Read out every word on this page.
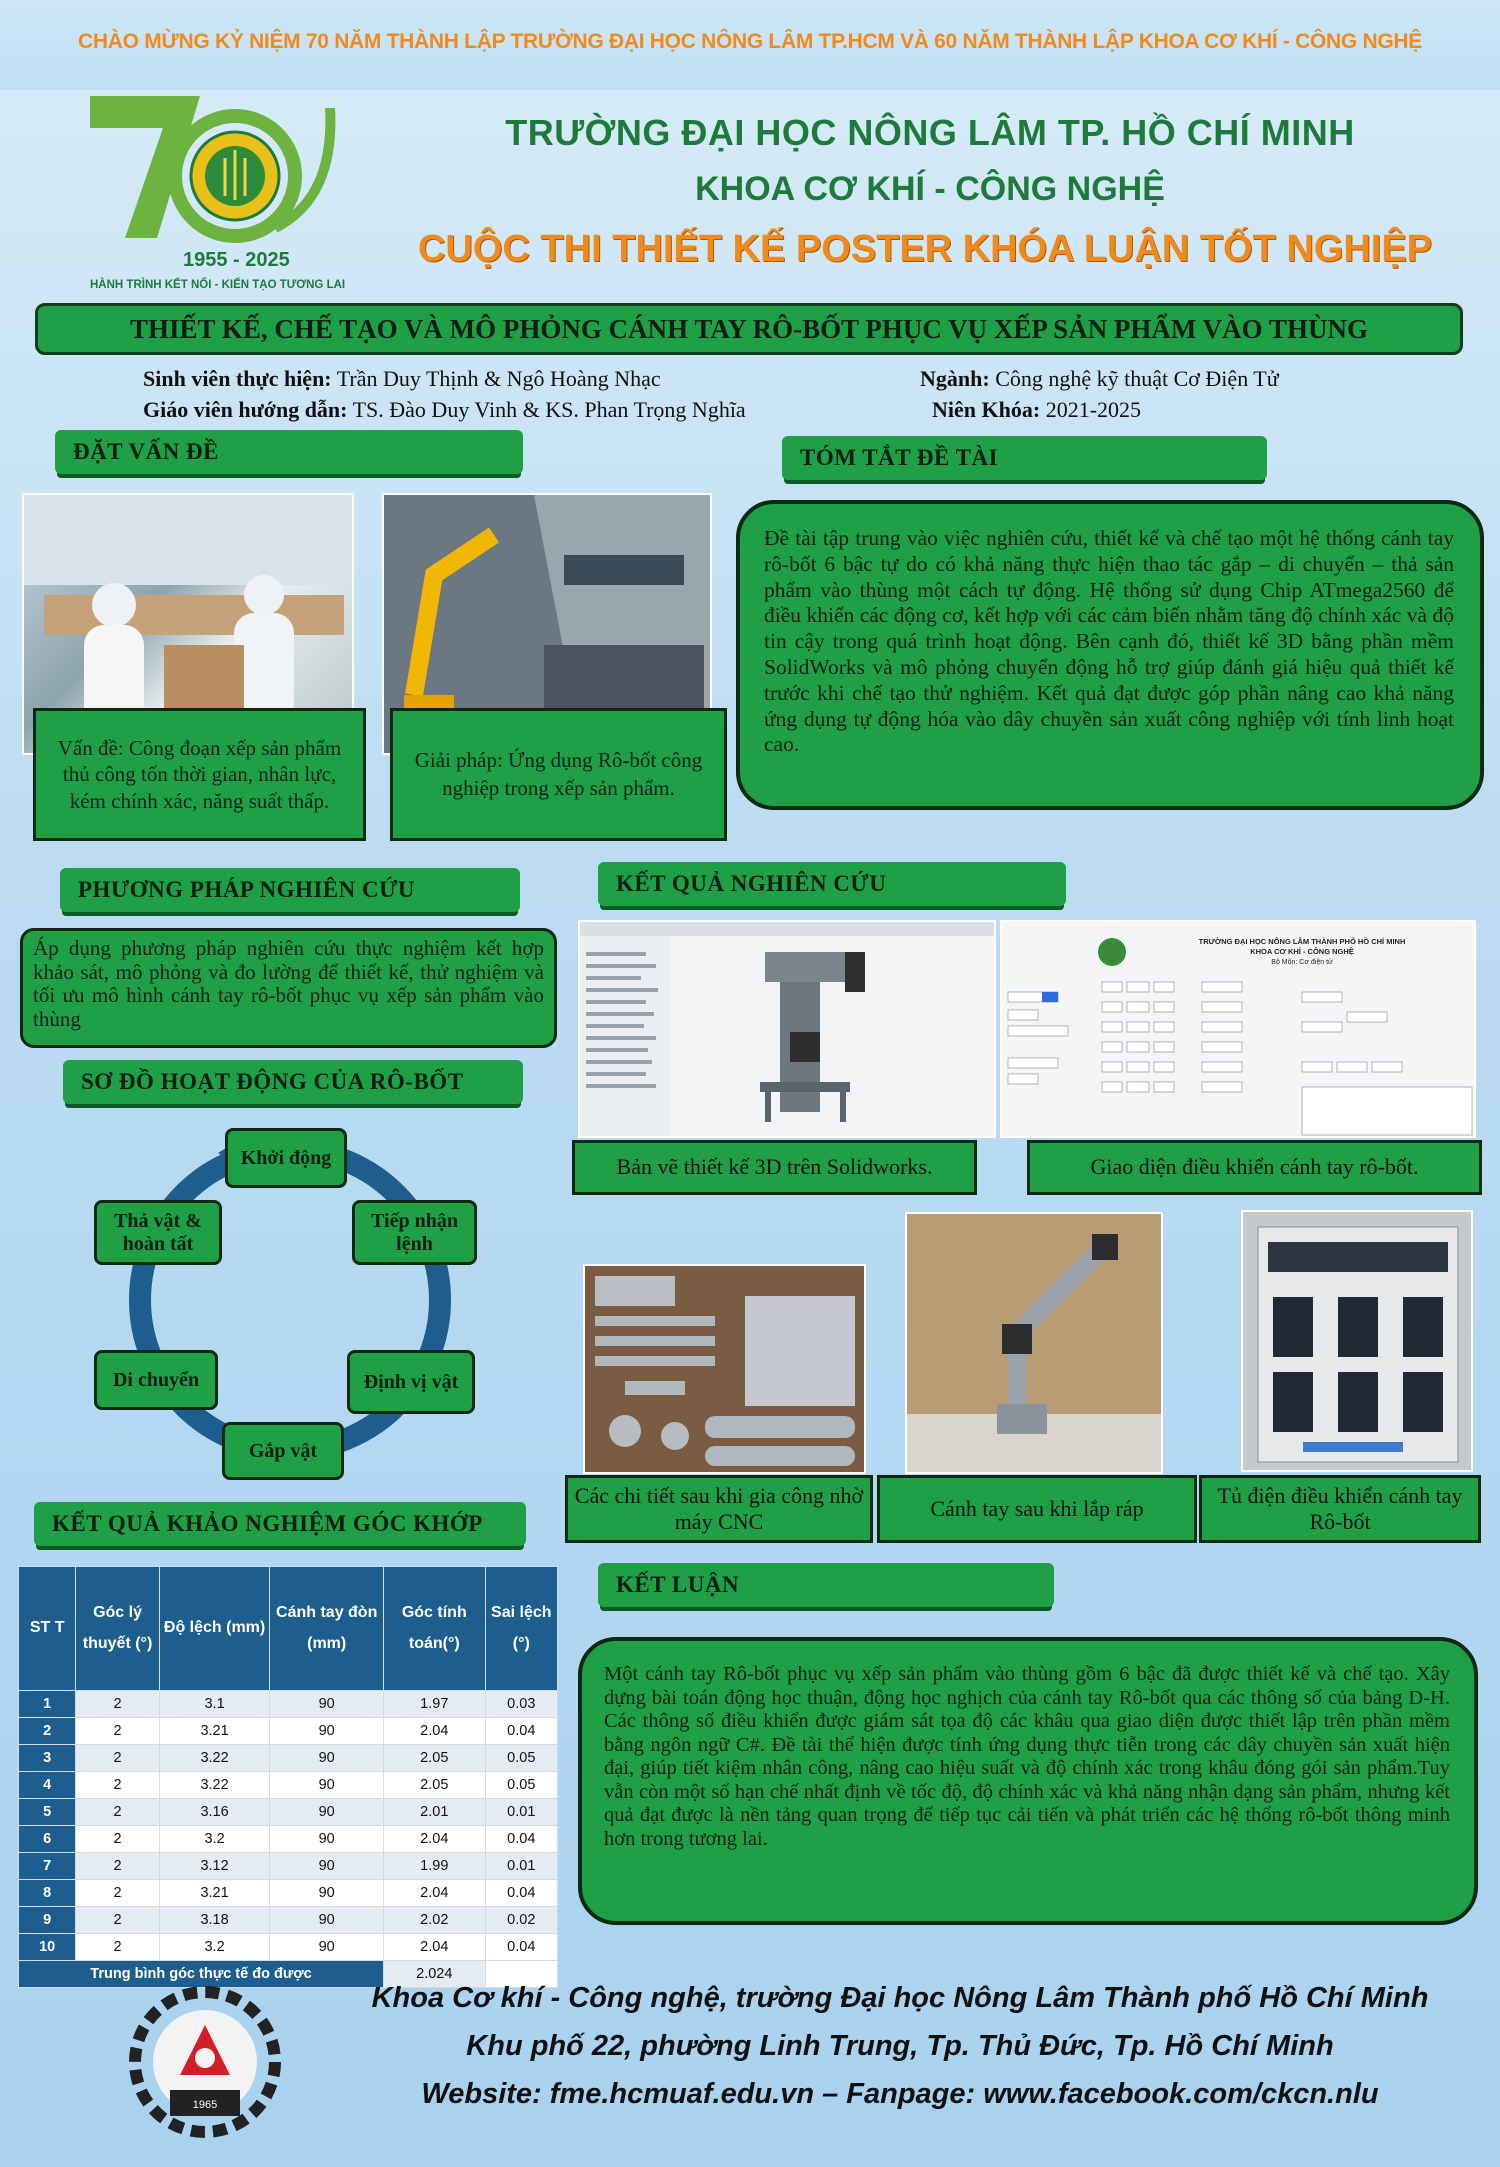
CHÀO MỪNG KỶ NIỆM 70 NĂM THÀNH LẬP TRƯỜNG ĐẠI HỌC NÔNG LÂM TP.HCM VÀ 60 NĂM THÀNH LẬP KHOA CƠ KHÍ - CÔNG NGHỆ
1955 - 2025
HÀNH TRÌNH KẾT NỐI - KIẾN TẠO TƯƠNG LAI
TRƯỜNG ĐẠI HỌC NÔNG LÂM TP. HỒ CHÍ MINH
KHOA CƠ KHÍ - CÔNG NGHỆ
CUỘC THI THIẾT KẾ POSTER KHÓA LUẬN TỐT NGHIỆP
THIẾT KẾ, CHẾ TẠO VÀ MÔ PHỎNG CÁNH TAY RÔ-BỐT PHỤC VỤ XẾP SẢN PHẨM VÀO THÙNG
Sinh viên thực hiện: Trần Duy Thịnh & Ngô Hoàng Nhạc	Ngành: Công nghệ kỹ thuật Cơ Điện Tử
Giáo viên hướng dẫn: TS. Đào Duy Vinh & KS. Phan Trọng Nghĩa	Niên Khóa: 2021-2025
ĐẶT VẤN ĐỀ
Vấn đề: Công đoạn xếp sản phẩm thủ công tốn thời gian, nhân lực, kém chính xác, năng suất thấp.
Giải pháp: Ứng dụng Rô-bốt công nghiệp trong xếp sản phẩm.
TÓM TẮT ĐỀ TÀI
Đề tài tập trung vào việc nghiên cứu, thiết kế và chế tạo một hệ thống cánh tay rô-bốt 6 bậc tự do có khả năng thực hiện thao tác gắp – di chuyển – thả sản phẩm vào thùng một cách tự động. Hệ thống sử dụng Chip ATmega2560 để điều khiển các động cơ, kết hợp với các cảm biến nhằm tăng độ chính xác và độ tin cậy trong quá trình hoạt động. Bên cạnh đó, thiết kế 3D bằng phần mềm SolidWorks và mô phỏng chuyển động hỗ trợ giúp đánh giá hiệu quả thiết kế trước khi chế tạo thử nghiệm. Kết quả đạt được góp phần nâng cao khả năng ứng dụng tự động hóa vào dây chuyền sản xuất công nghiệp với tính linh hoạt cao.
PHƯƠNG PHÁP NGHIÊN CỨU
Áp dụng phương pháp nghiên cứu thực nghiệm kết hợp khảo sát, mô phỏng và đo lường để thiết kế, thử nghiệm và tối ưu mô hình cánh tay rô-bốt phục vụ xếp sản phẩm vào thùng
SƠ ĐỒ HOẠT ĐỘNG CỦA RÔ-BỐT
Khởi động
Tiếp nhận lệnh
Định vị vật
Gắp vật
Di chuyển
Thả vật & hoàn tất
KẾT QUẢ NGHIÊN CỨU
TRƯỜNG ĐẠI HỌC NÔNG LÂM THÀNH PHỐ HỒ CHÍ MINH
KHOA CƠ KHÍ - CÔNG NGHỆ
Bộ Môn: Cơ điện tử
Bản vẽ thiết kế 3D trên Solidworks.	Giao diện điều khiển cánh tay rô-bốt.
Các chi tiết sau khi gia công nhờ máy CNC
Cánh tay sau khi lắp ráp
Tủ điện điều khiển cánh tay Rô-bốt
KẾT QUẢ KHẢO NGHIỆM GÓC KHỚP
ST T	Góc lý thuyết (°)	Độ lệch (mm)	Cánh tay đòn (mm)	Góc tính toán(°)	Sai lệch (°)
1	2	3.1	90	1.97	0.03
2	2	3.21	90	2.04	0.04
3	2	3.22	90	2.05	0.05
4	2	3.22	90	2.05	0.05
5	2	3.16	90	2.01	0.01
6	2	3.2	90	2.04	0.04
7	2	3.12	90	1.99	0.01
8	2	3.21	90	2.04	0.04
9	2	3.18	90	2.02	0.02
10	2	3.2	90	2.04	0.04
Trung bình góc thực tế đo được				2.024	
KẾT LUẬN
Một cánh tay Rô-bốt phục vụ xếp sản phẩm vào thùng gồm 6 bậc đã được thiết kế và chế tạo. Xây dựng bài toán động học thuận, động học nghịch của cánh tay Rô-bốt qua các thông số của bảng D-H. Các thông số điều khiển được giám sát tọa độ các khâu qua giao diện được thiết lập trên phần mềm bằng ngôn ngữ C#. Đề tài thể hiện được tính ứng dụng thực tiễn trong các dây chuyền sản xuất hiện đại, giúp tiết kiệm nhân công, nâng cao hiệu suất và độ chính xác trong khâu đóng gói sản phẩm.Tuy vẫn còn một số hạn chế nhất định về tốc độ, độ chính xác và khả năng nhận dạng sản phẩm, nhưng kết quả đạt được là nền tảng quan trọng để tiếp tục cải tiến và phát triển các hệ thống rô-bốt thông minh hơn trong tương lai.
1965
Khoa Cơ khí - Công nghệ, trường Đại học Nông Lâm Thành phố Hồ Chí Minh
Khu phố 22, phường Linh Trung, Tp. Thủ Đức, Tp. Hồ Chí Minh
Website: fme.hcmuaf.edu.vn – Fanpage: www.facebook.com/ckcn.nlu
